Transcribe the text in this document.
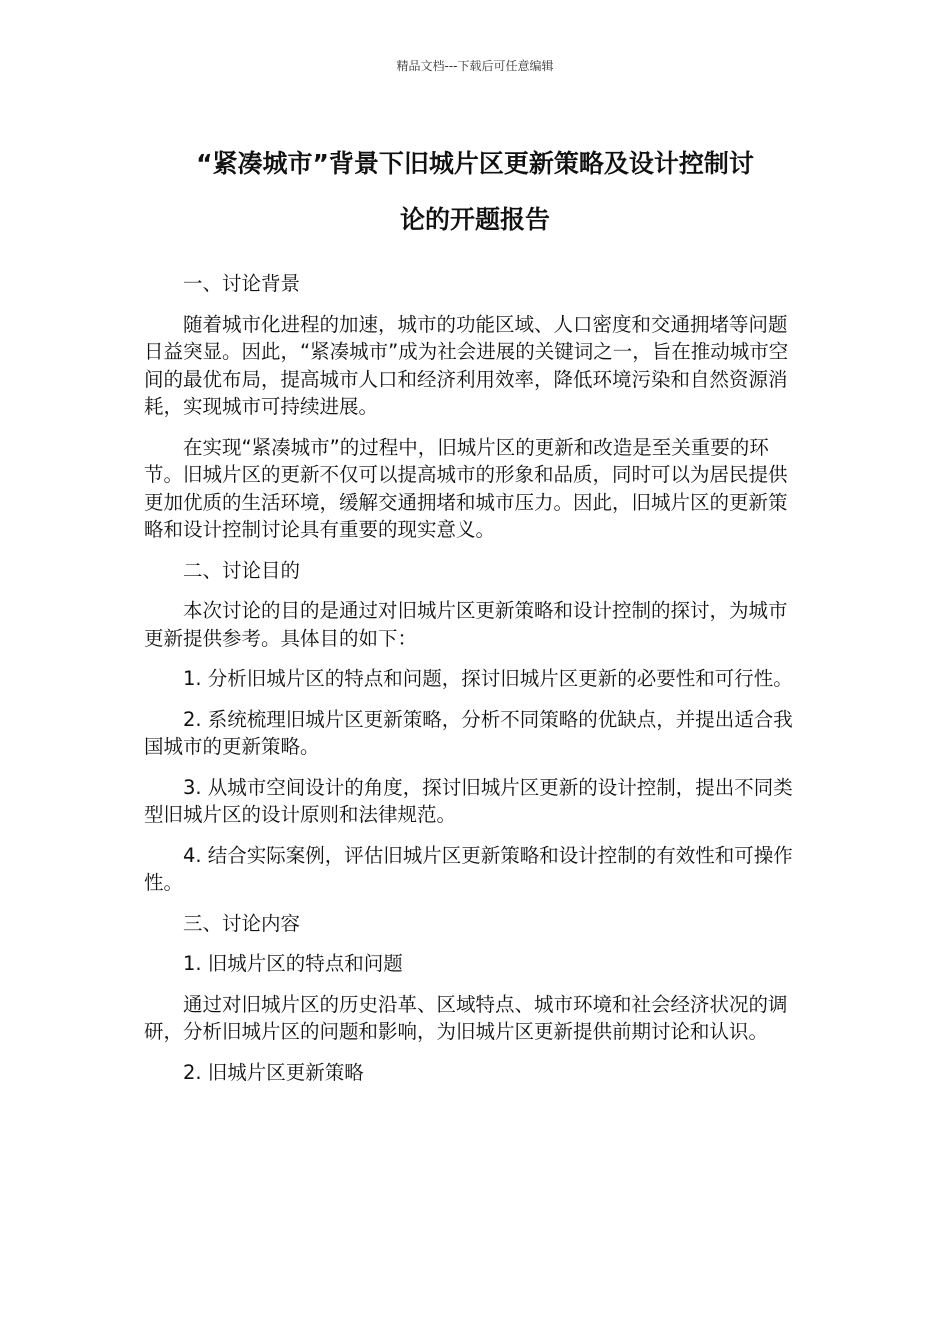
精品文档---下载后可任意编辑
“紧凑城市”背景下旧城片区更新策略及设计控制讨
论的开题报告

一、讨论背景

随着城市化进程的加速，城市的功能区域、人口密度和交通拥堵等问题日益突显。因此，“紧凑城市”成为社会进展的关键词之一，旨在推动城市空间的最优布局，提高城市人口和经济利用效率，降低环境污染和自然资源消耗，实现城市可持续进展。

在实现“紧凑城市”的过程中，旧城片区的更新和改造是至关重要的环节。旧城片区的更新不仅可以提高城市的形象和品质，同时可以为居民提供更加优质的生活环境，缓解交通拥堵和城市压力。因此，旧城片区的更新策略和设计控制讨论具有重要的现实意义。

二、讨论目的

本次讨论的目的是通过对旧城片区更新策略和设计控制的探讨，为城市更新提供参考。具体目的如下：

1. 分析旧城片区的特点和问题，探讨旧城片区更新的必要性和可行性。

2. 系统梳理旧城片区更新策略，分析不同策略的优缺点，并提出适合我国城市的更新策略。

3. 从城市空间设计的角度，探讨旧城片区更新的设计控制，提出不同类型旧城片区的设计原则和法律规范。

4. 结合实际案例，评估旧城片区更新策略和设计控制的有效性和可操作性。

三、讨论内容

1. 旧城片区的特点和问题

通过对旧城片区的历史沿革、区域特点、城市环境和社会经济状况的调研，分析旧城片区的问题和影响，为旧城片区更新提供前期讨论和认识。

2. 旧城片区更新策略
